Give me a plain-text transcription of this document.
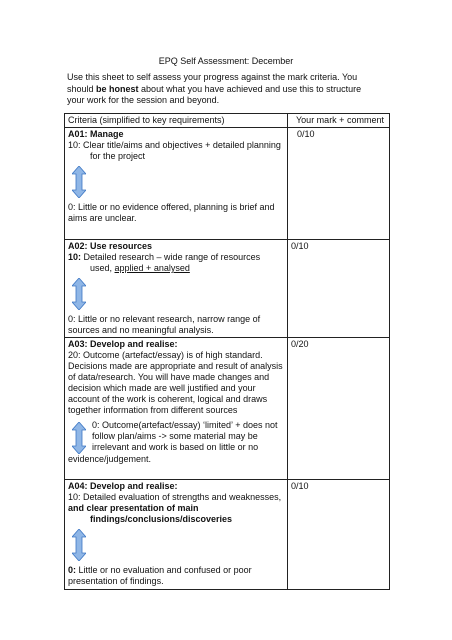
EPQ Self Assessment: December
Use this sheet to self assess your progress against the mark criteria. You should be honest about what you have achieved and use this to structure your work for the session and beyond.
Criteria (simplified to key requirements)	Your mark + comment

A01: Manage
10: Clear title/aims and objectives + detailed planning
for the project
0: Little or no evidence offered, planning is brief and aims are unclear.	0/10

A02: Use resources
10: Detailed research – wide range of resources
used, applied + analysed
0: Little or no relevant research, narrow range of sources and no meaningful analysis.	0/10

A03: Develop and realise:
20: Outcome (artefact/essay) is of high standard. Decisions made are appropriate and result of analysis of data/research. You will have made changes and decision which made are well justified and your account of the work is coherent, logical and draws together information from different sources
0: Outcome(artefact/essay) ‘limited’ + does not follow plan/aims -> some material may be irrelevant and work is based on little or no
evidence/judgement.	0/20

A04: Develop and realise:
10: Detailed evaluation of strengths and weaknesses,
and clear presentation of main
findings/conclusions/discoveries
0: Little or no evaluation and confused or poor presentation of findings.	0/10
